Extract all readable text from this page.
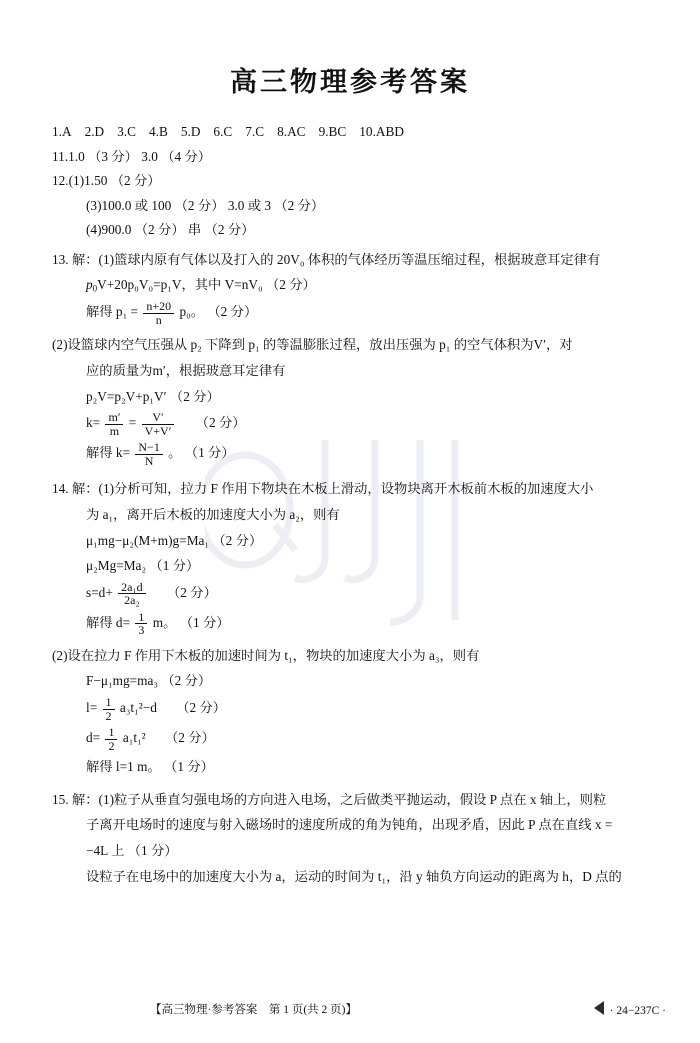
高三物理参考答案
1.A 2.D 3.C 4.B 5.D 6.C 7.C 8.AC 9.BC 10.ABD
11.1.0 （3 分） 3.0 （4 分）
12.(1)1.50 （2 分）
(3)100.0 或 100 （2 分） 3.0 或 3 （2 分）
(4)900.0 （2 分） 串 （2 分）
13. 解：(1)篮球内原有气体以及打入的 20V₀ 体积的气体经历等温压缩过程，根据玻意耳定律有
$p_0V+20p_0V_0=p_1V$，其中 V=nV₀ （2 分）
解得 $p_1 = \frac{n+20}{n} p_0$。 （2 分）
(2)设篮球内空气压强从 p₂ 下降到 p₁ 的等温膨胀过程，放出压强为 p₁ 的空气体积为V′，对
应的质量为m′，根据玻意耳定律有
p₂V=p₂V+p₁V′ （2 分）
$k= \frac{m'}{m} = \frac{V'}{V+V'} (2$ 分）
解得 $k= \frac{N-1}{N}$ 。 （1 分）
14. 解：(1)分析可知，拉力 F 作用下物块在木板上滑动，设物块离开木板前木板的加速度大小
为 a₁，离开后木板的加速度大小为 a₂，则有
μ₁mg−μ₂(M+m)g=Ma₁ （2 分）
μ₂Mg=Ma₂ （1 分）
$s=d+ \frac{\text{2a₁d}}{\text{2a₂}} (2$ 分）
解得 $d= \frac{1}{3}$ m。 （1 分）
(2)设在拉力 F 作用下木板的加速时间为 t₁，物块的加速度大小为 a₃，则有
F−μ₁mg=ma₃ （2 分）
$l= \frac{1}{2} a_3t_1^2-d$ （2 分）
$d= \frac{1}{2} a_1t_1^2$ （2 分）
解得 l=1 m。 （1 分）
15. 解：(1)粒子从垂直匀强电场的方向进入电场，之后做类平抛运动，假设 P 点在 x 轴上，则粒
子离开电场时的速度与射入磁场时的速度所成的角为钝角，出现矛盾，因此 P 点在直线 x =
−4L 上 （1 分）
设粒子在电场中的加速度大小为 a，运动的时间为 t₁，沿 y 轴负方向运动的距离为 h，D 点的
【高三物理·参考答案　第 1 页(共 2 页)】	· 24−237C ·
